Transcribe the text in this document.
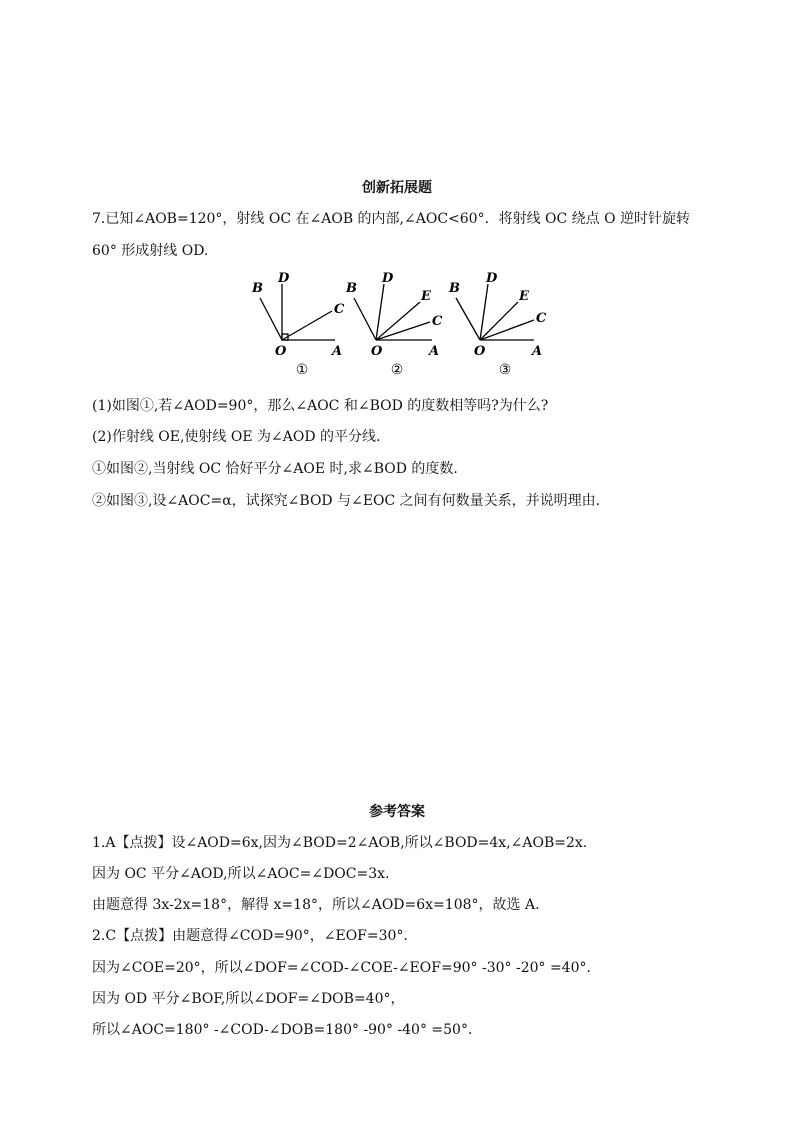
创新拓展题
7.已知∠AOB=120°，射线 OC 在∠AOB 的内部,∠AOC<60°．将射线 OC 绕点 O 逆时针旋转
60° 形成射线 OD.
B
D
C
O	A
B
D
E
C
O	A
B
D
E
C
O	A
①	②	③
(1)如图①,若∠AOD=90°，那么∠AOC 和∠BOD 的度数相等吗?为什么?
(2)作射线 OE,使射线 OE 为∠AOD 的平分线.
①如图②,当射线 OC 恰好平分∠AOE 时,求∠BOD 的度数.
②如图③,设∠AOC=α，试探究∠BOD 与∠EOC 之间有何数量关系，并说明理由.
参考答案
1.A【点拨】设∠AOD=6x,因为∠BOD=2∠AOB,所以∠BOD=4x,∠AOB=2x.
因为 OC 平分∠AOD,所以∠AOC=∠DOC=3x.
由题意得 3x-2x=18°，解得 x=18°，所以∠AOD=6x=108°，故选 A.
2.C【点拨】由题意得∠COD=90°，∠EOF=30°．
因为∠COE=20°，所以∠DOF=∠COD-∠COE-∠EOF=90° -30° -20° =40°．
因为 OD 平分∠BOF,所以∠DOF=∠DOB=40°，
所以∠AOC=180° -∠COD-∠DOB=180° -90° -40° =50°．
